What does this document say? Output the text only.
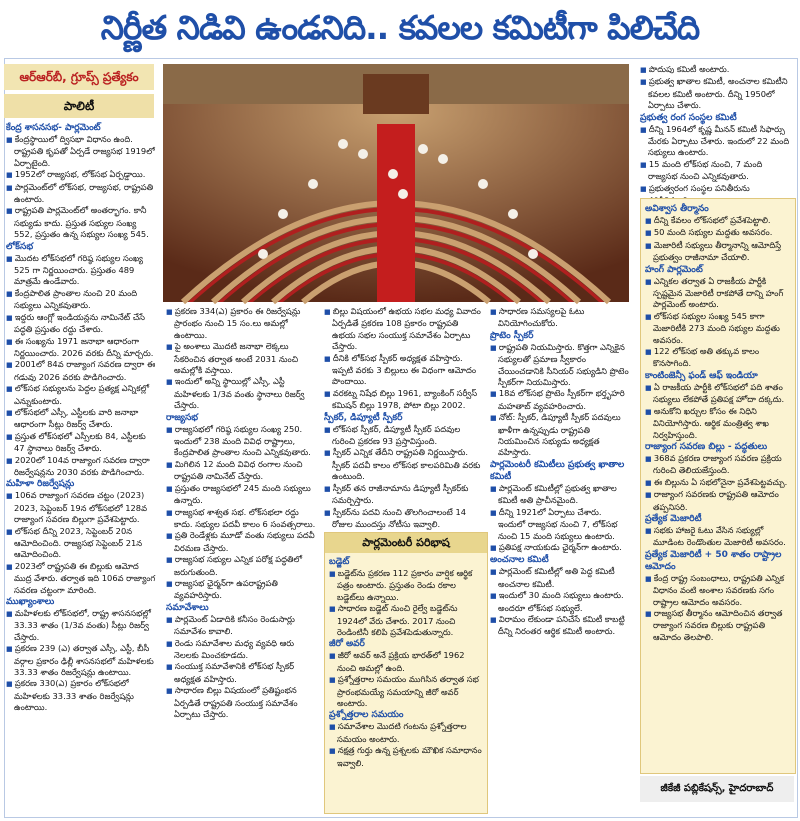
నిర్ణీత నిడివి ఉండనిది.. కవలల కమిటీగా పిలిచేది
ఆర్‌ఆర్‌బీ, గ్రూప్స్ ప్రత్యేకం
పాలిటీ
కేంద్ర శాసనసభ- పార్లమెంట్

■ కేంద్రస్థాయిలో ద్విసభా విధానం ఉంది. రాష్ట్రపతి కృపతో ఏర్పడే రాజ్యసభ 1919లో ఏర్పాటైంది.

■ 1952లో రాజ్యసభ, లోక్‌సభ ఏర్పడ్డాయి.

■ పార్లమెంట్‌లో లోక్‌సభ, రాజ్యసభ, రాష్ట్రపతి ఉంటారు.

■ రాష్ట్రపతి పార్లమెంట్‌లో అంతర్భాగం. కానీ సభ్యుడు కాదు. ప్రస్తుత సభ్యుల సంఖ్య 552, ప్రస్తుతం ఉన్న సభ్యుల సంఖ్య 545.

లోక్‌సభ

■ మొదట లోక్‌సభలో గరిష్ఠ సభ్యుల సంఖ్య 525 గా నిర్ణయించారు. ప్రస్తుతం 489 మాత్రమే ఉండేవారు.

■ కేంద్రపాలిత ప్రాంతాల నుంచి 20 మంది సభ్యులు ఎన్నికవుతారు.

■ ఇద్దరు ఆంగ్లో ఇండియన్లను నామినేట్ చేసే పద్ధతి ప్రస్తుతం రద్దు చేశారు.

■ ఈ సంఖ్యను 1971 జనాభా ఆధారంగా నిర్ణయించారు. 2026 వరకు దీన్ని మార్చరు.

■ 2001లో 84వ రాజ్యాంగ సవరణ ద్వారా ఈ గడువు 2026 వరకు పొడిగించారు.

■ లోక్‌సభ సభ్యులను పెద్దల ప్రత్యక్ష ఎన్నికల్లో ఎన్నుకుంటారు.

■ లోక్‌సభలో ఎస్సీ, ఎస్టీలకు వారి జనాభా ఆధారంగా సీట్లు రిజర్వ్ చేశారు.

■ ప్రస్తుత లోక్‌సభలో ఎస్సీలకు 84, ఎస్టీలకు 47 స్థానాలు రిజర్వ్ చేశారు.

■ 2020లో 104వ రాజ్యాంగ సవరణ ద్వారా రిజర్వేషన్లను 2030 వరకు పొడిగించారు.

మహిళా రిజర్వేషన్లు

■ 106వ రాజ్యాంగ సవరణ చట్టం (2023) 2023, సెప్టెంబర్ 19న లోక్‌సభలో 128వ రాజ్యాంగ సవరణ బిల్లుగా ప్రవేశపెట్టారు.

■ లోక్‌సభ దీన్ని 2023, సెప్టెంబర్ 20న ఆమోదించింది. రాజ్యసభ సెప్టెంబర్ 21న ఆమోదించింది.

■ 2023లో రాష్ట్రపతి ఈ బిల్లుకు ఆమోద ముద్ర వేశారు. తర్వాత ఇది 106వ రాజ్యాంగ సవరణ చట్టంగా మారింది.

ముఖ్యాంశాలు

■ మహిళలకు లోక్‌సభలో, రాష్ట్ర శాసనసభల్లో 33.33 శాతం (1/3వ వంతు) సీట్లు రిజర్వ్ చేస్తారు.

■ ప్రకరణ 239 (ఎ) తర్వాత ఎస్సీ, ఎస్టీ, బీసీ వర్గాల ప్రకారం ఢిల్లీ శాసనసభలో మహిళలకు 33.33 శాతం రిజర్వేషన్లు ఉంటాయి.

■ ప్రకరణ 330(ఎ) ప్రకారం లోక్‌సభలో మహిళలకు 33.33 శాతం రిజర్వేషన్లు ఉంటాయి.

■ ప్రకరణ 334(ఎ) ప్రకారం ఈ రిజర్వేషన్లు ప్రారంభం నుంచి 15 సం.లు అమల్లో ఉంటాయి.

■ పై అంశాలు మొదటి జనాభా లెక్కలు సేకరించిన తర్వాత అంటే 2031 నుంచి అమల్లోకి వస్తాయి.

■ ఇందులో అన్ని స్థాయిల్లో ఎస్సీ, ఎస్టీ మహిళలకు 1/3వ వంతు స్థానాలు రిజర్వ్ చేస్తారు.

రాజ్యసభ

■ రాజ్యసభలో గరిష్ఠ సభ్యుల సంఖ్య 250. ఇందులో 238 మంది వివిధ రాష్ట్రాలు, కేంద్రపాలిత ప్రాంతాల నుంచి ఎన్నికవుతారు.

■ మిగిలిన 12 మంది వివిధ రంగాల నుంచి రాష్ట్రపతి నామినేట్ చేస్తారు.

■ ప్రస్తుతం రాజ్యసభలో 245 మంది సభ్యులు ఉన్నారు.

■ రాజ్యసభ శాశ్వత సభ. లోక్‌సభలా రద్దు కాదు. సభ్యుల పదవీ కాలం 6 సంవత్సరాలు.

■ ప్రతి రెండేళ్లకు మూడో వంతు సభ్యులు పదవీ విరమణ చేస్తారు.

■ రాజ్యసభ సభ్యుల ఎన్నిక పరోక్ష పద్ధతిలో జరుగుతుంది.

■ రాజ్యసభ ఛైర్మన్‌గా ఉపరాష్ట్రపతి వ్యవహరిస్తారు.

సమావేశాలు

■ పార్లమెంట్ ఏడాదికి కనీసం రెండుసార్లు సమావేశం కావాలి.

■ రెండు సమావేశాల మధ్య వ్యవధి ఆరు నెలలకు మించకూడదు.

■ సంయుక్త సమావేశానికి లోక్‌సభ స్పీకర్ అధ్యక్షత వహిస్తారు.

■ సాధారణ బిల్లు విషయంలో ప్రతిష్టంభన ఏర్పడితే రాష్ట్రపతి సంయుక్త సమావేశం ఏర్పాటు చేస్తారు.

■ బిల్లు విషయంలో ఉభయ సభల మధ్య వివాదం ఏర్పడితే ప్రకరణ 108 ప్రకారం రాష్ట్రపతి ఉభయ సభల సంయుక్త సమావేశం ఏర్పాటు చేస్తారు.

■ దీనికి లోక్‌సభ స్పీకర్ అధ్యక్షత వహిస్తారు. ఇప్పటి వరకు 3 బిల్లులు ఈ విధంగా ఆమోదం పొందాయి.

■ వరకట్న నిషేధ బిల్లు 1961, బ్యాంకింగ్ సర్వీస్ కమిషన్ బిల్లు 1978, పోటా బిల్లు 2002.

స్పీకర్, డిప్యూటీ స్పీకర్

■ లోక్‌సభ స్పీకర్, డిప్యూటీ స్పీకర్ పదవుల గురించి ప్రకరణ 93 ప్రస్తావిస్తుంది.

■ స్పీకర్ ఎన్నిక తేదీని రాష్ట్రపతి నిర్ణయిస్తారు. స్పీకర్ పదవీ కాలం లోక్‌సభ కాలపరిమితి వరకు ఉంటుంది.

■ స్పీకర్ తన రాజీనామాను డిప్యూటీ స్పీకర్‌కు సమర్పిస్తారు.

■ స్పీకర్‌ను పదవి నుంచి తొలగించాలంటే 14 రోజుల ముందస్తు నోటీసు ఇవ్వాలి.

■ సాధారణ సమస్యలపై ఓటు వినియోగించుకోరు.

ప్రొటెం స్పీకర్

■ రాష్ట్రపతి నియమిస్తారు. కొత్తగా ఎన్నికైన సభ్యులతో ప్రమాణ స్వీకారం చేయించడానికి సీనియర్ సభ్యుడిని ప్రొటెం స్పీకర్‌గా నియమిస్తారు.

■ 18వ లోక్‌సభ ప్రొటెం స్పీకర్‌గా భర్తృహరి మహతాబ్ వ్యవహరించారు.

■ నోట్: స్పీకర్, డిప్యూటీ స్పీకర్ పదవులు ఖాళీగా ఉన్నప్పుడు రాష్ట్రపతి నియమించిన సభ్యుడు అధ్యక్షత వహిస్తారు.

పార్లమెంటరీ కమిటీలు ప్రభుత్వ ఖాతాల కమిటీ

■ పార్లమెంట్ కమిటీల్లో ప్రభుత్వ ఖాతాల కమిటీ అతి ప్రాచీనమైంది.

■ దీన్ని 1921లో ఏర్పాటు చేశారు. ఇందులో రాజ్యసభ నుంచి 7, లోక్‌సభ నుంచి 15 మంది సభ్యులు ఉంటారు.

■ ప్రతిపక్ష నాయకుడు ఛైర్మన్‌గా ఉంటారు.

అంచనాల కమిటీ

■ పార్లమెంట్ కమిటీల్లో అతి పెద్ద కమిటీ అంచనాల కమిటీ.

■ ఇందులో 30 మంది సభ్యులు ఉంటారు. అందరూ లోక్‌సభ సభ్యులే.

■ విరామం లేకుండా పనిచేసే కమిటీ కాబట్టి దీన్ని నిరంతర ఆర్థిక కమిటీ అంటారు.

■ పొదుపు కమిటీ అంటారు.

■ ప్రభుత్వ ఖాతాల కమిటీ, అంచనాల కమిటీని కవలల కమిటీ అంటారు. దీన్ని 1950లో ఏర్పాటు చేశారు.

ప్రభుత్వ రంగ సంస్థల కమిటీ

■ దీన్ని 1964లో కృష్ణ మీనన్ కమిటీ సిఫార్సు మేరకు ఏర్పాటు చేశారు. ఇందులో 22 మంది సభ్యులు ఉంటారు.

■ 15 మంది లోక్‌సభ నుంచి, 7 మంది రాజ్యసభ నుంచి ఎన్నికవుతారు.

■ ప్రభుత్వరంగ సంస్థల పనితీరును

అవిశ్వాస తీర్మానం

■ దీన్ని కేవలం లోక్‌సభలో ప్రవేశపెట్టాలి.

■ 50 మంది సభ్యుల మద్దతు అవసరం.

■ మెజారిటీ సభ్యులు తీర్మానాన్ని ఆమోదిస్తే ప్రభుత్వం రాజీనామా చేయాలి.

హంగ్ పార్లమెంట్

■ ఎన్నికల తర్వాత ఏ రాజకీయ పార్టీకి స్పష్టమైన మెజారిటీ రాకపోతే దాన్ని హంగ్ పార్లమెంట్ అంటారు.

■ లోక్‌సభ సభ్యుల సంఖ్య 545 కాగా మెజారిటీకి 273 మంది సభ్యుల మద్దతు అవసరం.

■ 122 లోక్‌సభ అతి తక్కువ కాలం కొనసాగింది.

కాంటింజెన్సీ ఫండ్ ఆఫ్ ఇండియా

■ ఏ రాజకీయ పార్టీకి లోక్‌సభలో పది శాతం సభ్యులు లేకపోతే ప్రతిపక్ష హోదా దక్కదు.

■ అనుకోని ఖర్చుల కోసం ఈ నిధిని వినియోగిస్తారు. ఆర్థిక మంత్రిత్వ శాఖ నిర్వహిస్తుంది.

రాజ్యాంగ సవరణ బిల్లు - పద్ధతులు

■ 368వ ప్రకరణ రాజ్యాంగ సవరణ ప్రక్రియ గురించి తెలియజేస్తుంది.

■ ఈ బిల్లును ఏ సభలోనైనా ప్రవేశపెట్టవచ్చు.

■ రాజ్యాంగ సవరణకు రాష్ట్రపతి ఆమోదం తప్పనిసరి.

ప్రత్యేక మెజారిటీ

■ సభకు హాజరై ఓటు వేసిన సభ్యుల్లో మూడింట రెండొంతుల మెజారిటీ అవసరం.

ప్రత్యేక మెజారిటీ + 50 శాతం రాష్ట్రాల ఆమోదం

■ కేంద్ర రాష్ట్ర సంబంధాలు, రాష్ట్రపతి ఎన్నిక విధానం వంటి అంశాల సవరణకు సగం రాష్ట్రాల ఆమోదం అవసరం.

■ రాజ్యసభ తీర్మానం ఆమోదించిన తర్వాత రాజ్యాంగ సవరణ బిల్లుకు రాష్ట్రపతి ఆమోదం తెలపాలి.

పార్లమెంటరీ పరిభాష
బడ్జెట్

■ బడ్జెట్‌ను ప్రకరణ 112 ప్రకారం వార్షిక ఆర్థిక పత్రం అంటారు. ప్రస్తుతం రెండు రకాల బడ్జెట్‌లు ఉన్నాయి.

■ సాధారణ బడ్జెట్ నుంచి రైల్వే బడ్జెట్‌ను 1924లో వేరు చేశారు. 2017 నుంచి రెండింటినీ కలిపి ప్రవేశపెడుతున్నారు.

జీరో అవర్

■ జీరో అవర్ అనే ప్రక్రియ భారత్‌లో 1962 నుంచి అమల్లో ఉంది.

■ ప్రశ్నోత్తరాల సమయం ముగిసిన తర్వాత సభ ప్రారంభమయ్యే సమయాన్ని జీరో అవర్ అంటారు.

ప్రశ్నోత్తరాల సమయం

■ సమావేశాల మొదటి గంటను ప్రశ్నోత్తరాల సమయం అంటారు.

■ నక్షత్ర గుర్తు ఉన్న ప్రశ్నలకు మౌఖిక సమాధానం ఇవ్వాలి.

జీకేజీ పబ్లికేషన్స్, హైదరాబాద్
